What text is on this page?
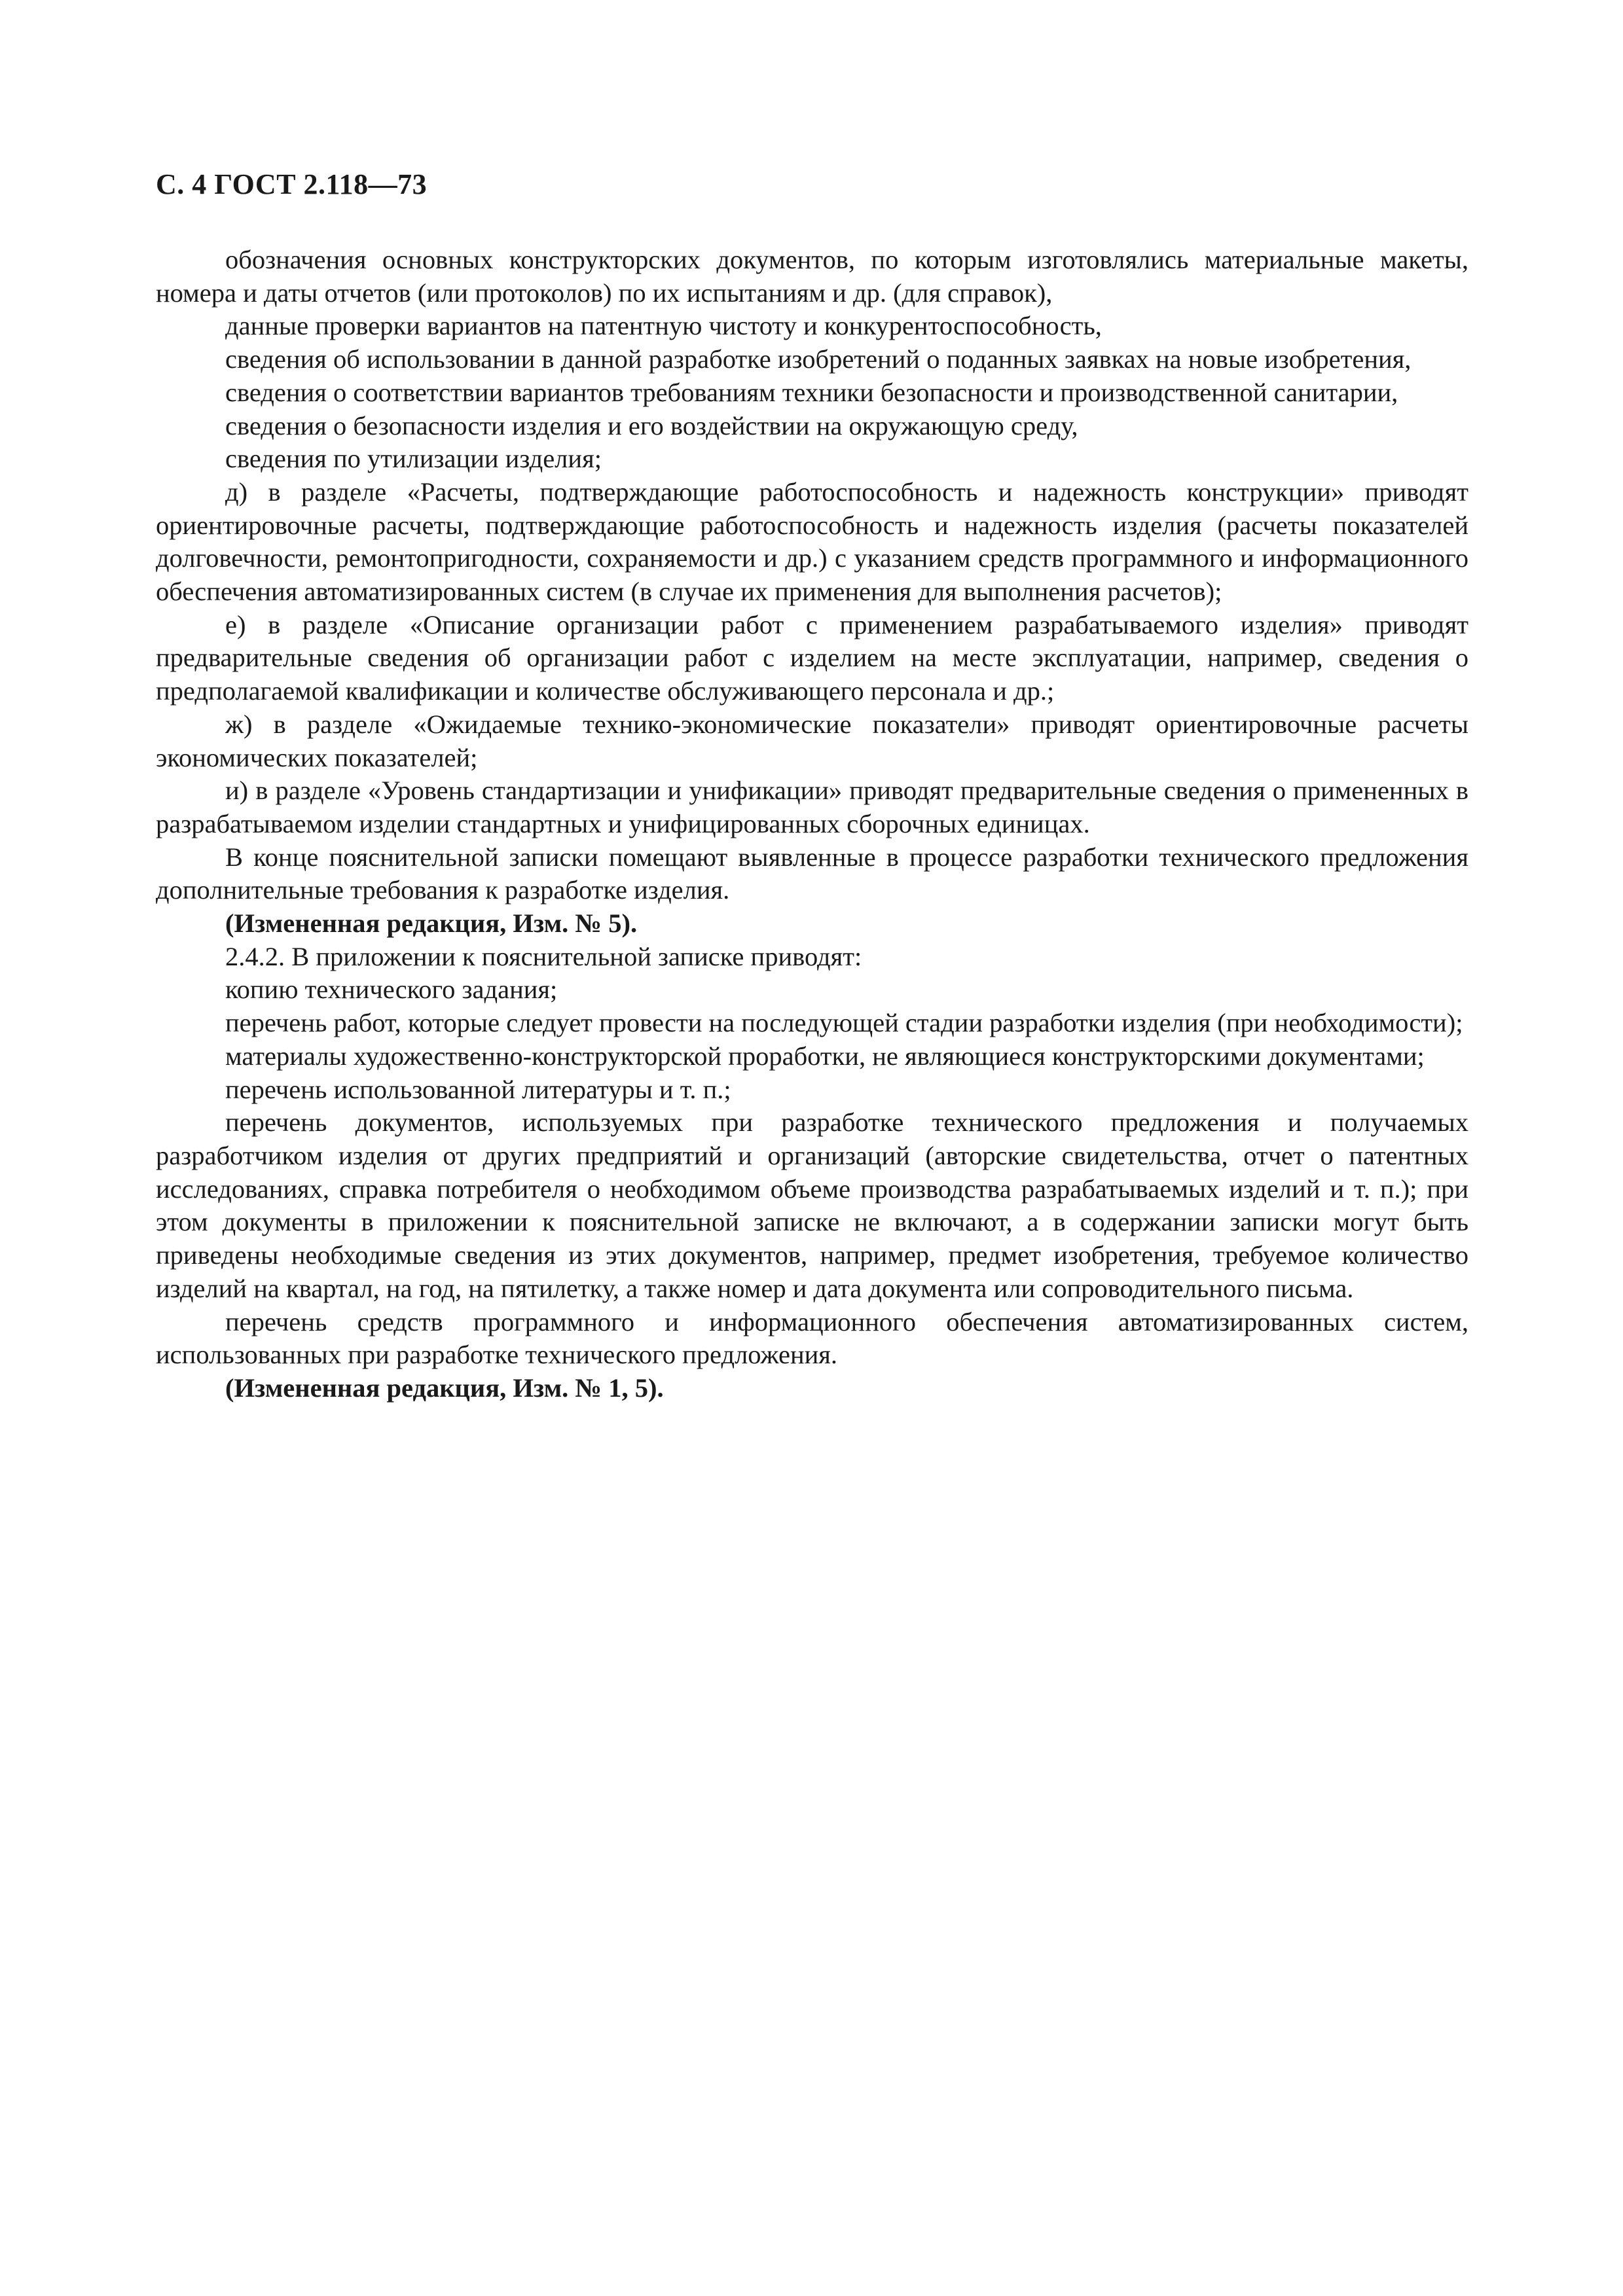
С. 4 ГОСТ 2.118—73

обозначения основных конструкторских документов, по которым изготовлялись материальные макеты, номера и даты отчетов (или протоколов) по их испытаниям и др. (для справок),

данные проверки вариантов на патентную чистоту и конкурентоспособность,

сведения об использовании в данной разработке изобретений о поданных заявках на новые изобретения,

сведения о соответствии вариантов требованиям техники безопасности и производственной санитарии,

сведения о безопасности изделия и его воздействии на окружающую среду,

сведения по утилизации изделия;

д) в разделе «Расчеты, подтверждающие работоспособность и надежность конструкции» приводят ориентировочные расчеты, подтверждающие работоспособность и надежность изделия (расчеты показателей долговечности, ремонтопригодности, сохраняемости и др.) с указанием средств программного и информационного обеспечения автоматизированных систем (в случае их применения для выполнения расчетов);

е) в разделе «Описание организации работ с применением разрабатываемого изделия» приводят предварительные сведения об организации работ с изделием на месте эксплуатации, например, сведения о предполагаемой квалификации и количестве обслуживающего персонала и др.;

ж) в разделе «Ожидаемые технико-экономические показатели» приводят ориентировочные расчеты экономических показателей;

и) в разделе «Уровень стандартизации и унификации» приводят предварительные сведения о примененных в разрабатываемом изделии стандартных и унифицированных сборочных единицах.

В конце пояснительной записки помещают выявленные в процессе разработки технического предложения дополнительные требования к разработке изделия.

(Измененная редакция, Изм. № 5).

2.4.2. В приложении к пояснительной записке приводят:

копию технического задания;

перечень работ, которые следует провести на последующей стадии разработки изделия (при необходимости);

материалы художественно-конструкторской проработки, не являющиеся конструкторскими документами;

перечень использованной литературы и т. п.;

перечень документов, используемых при разработке технического предложения и получаемых разработчиком изделия от других предприятий и организаций (авторские свидетельства, отчет о патентных исследованиях, справка потребителя о необходимом объеме производства разрабатываемых изделий и т. п.); при этом документы в приложении к пояснительной записке не включают, а в содержании записки могут быть приведены необходимые сведения из этих документов, например, предмет изобретения, требуемое количество изделий на квартал, на год, на пятилетку, а также номер и дата документа или сопроводительного письма.

перечень средств программного и информационного обеспечения автоматизированных систем, использованных при разработке технического предложения.

(Измененная редакция, Изм. № 1, 5).
